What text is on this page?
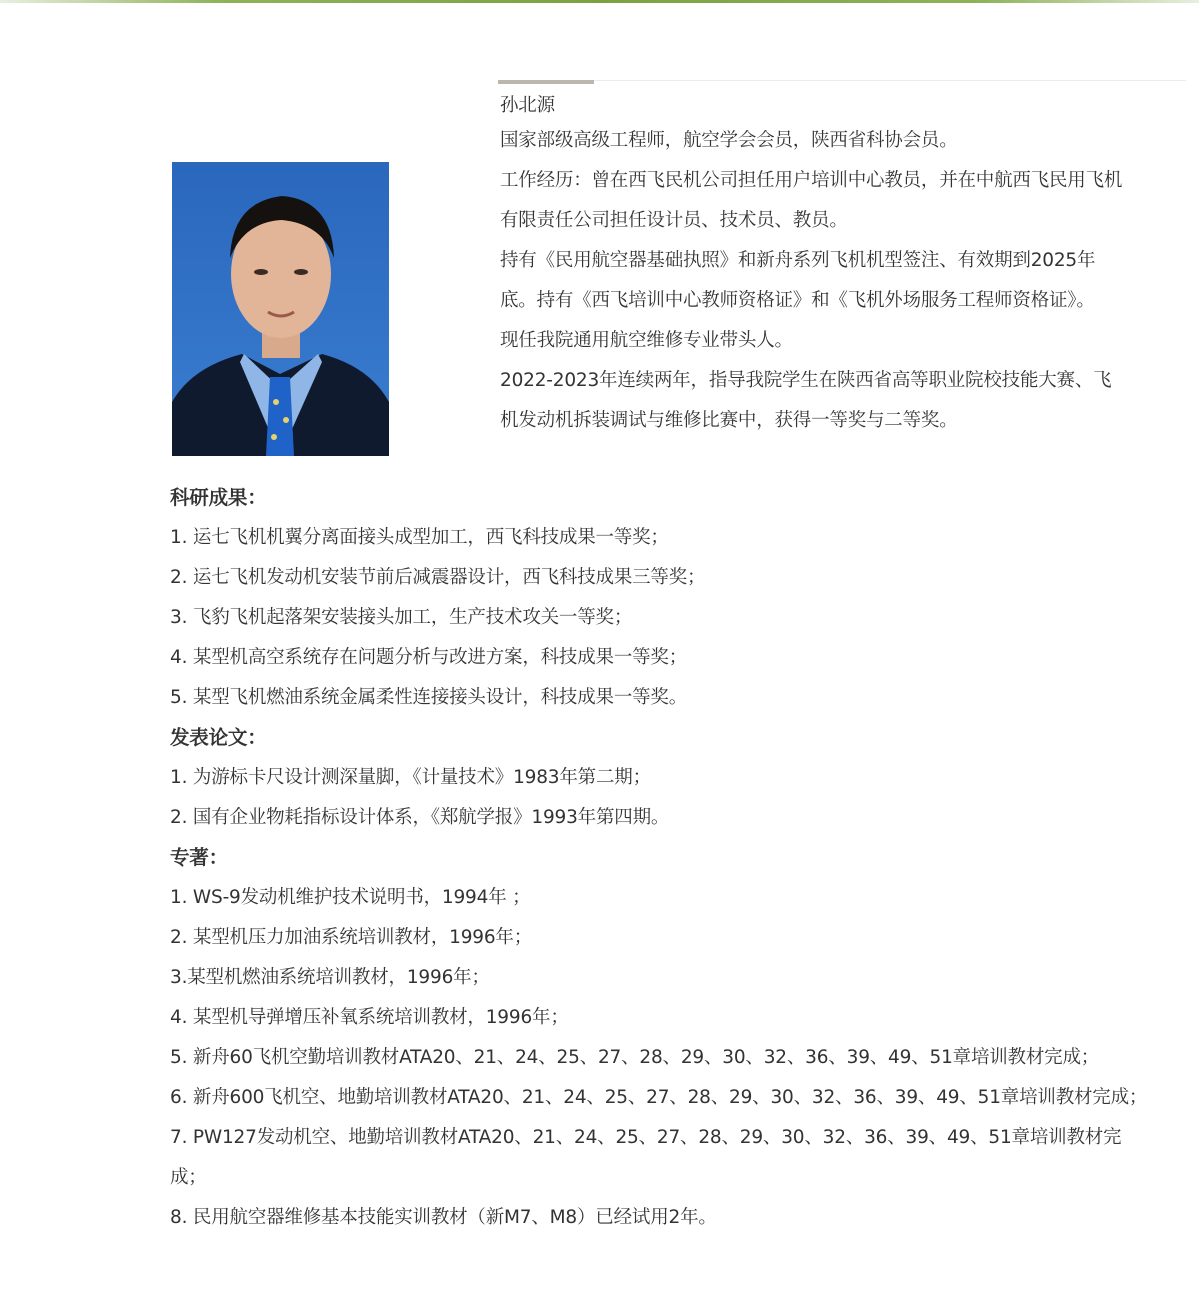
孙北源
国家部级高级工程师，航空学会会员，陕西省科协会员。
工作经历：曾在西飞民机公司担任用户培训中心教员，并在中航西飞民用飞机有限责任公司担任设计员、技术员、教员。
持有《民用航空器基础执照》和新舟系列飞机机型签注、有效期到2025年底。持有《西飞培训中心教师资格证》和《飞机外场服务工程师资格证》。
现任我院通用航空维修专业带头人。
2022-2023年连续两年，指导我院学生在陕西省高等职业院校技能大赛、飞机发动机拆装调试与维修比赛中，获得一等奖与二等奖。
科研成果：
1. 运七飞机机翼分离面接头成型加工，西飞科技成果一等奖；
2. 运七飞机发动机安装节前后减震器设计，西飞科技成果三等奖；
3. 飞豹飞机起落架安装接头加工，生产技术攻关一等奖；
4. 某型机高空系统存在问题分析与改进方案，科技成果一等奖；
5. 某型飞机燃油系统金属柔性连接接头设计，科技成果一等奖。
发表论文：
1. 为游标卡尺设计测深量脚，《计量技术》1983年第二期；
2. 国有企业物耗指标设计体系，《郑航学报》1993年第四期。
专著：
1. WS-9发动机维护技术说明书，1994年 ；
2. 某型机压力加油系统培训教材，1996年；
3.某型机燃油系统培训教材，1996年；
4. 某型机导弹增压补氧系统培训教材，1996年；
5. 新舟60飞机空勤培训教材ATA20、21、24、25、27、28、29、30、32、36、39、49、51章培训教材完成；
6. 新舟600飞机空、地勤培训教材ATA20、21、24、25、27、28、29、30、32、36、39、49、51章培训教材完成；
7. PW127发动机空、地勤培训教材ATA20、21、24、25、27、28、29、30、32、36、39、49、51章培训教材完成；
8. 民用航空器维修基本技能实训教材（新M7、M8）已经试用2年。
